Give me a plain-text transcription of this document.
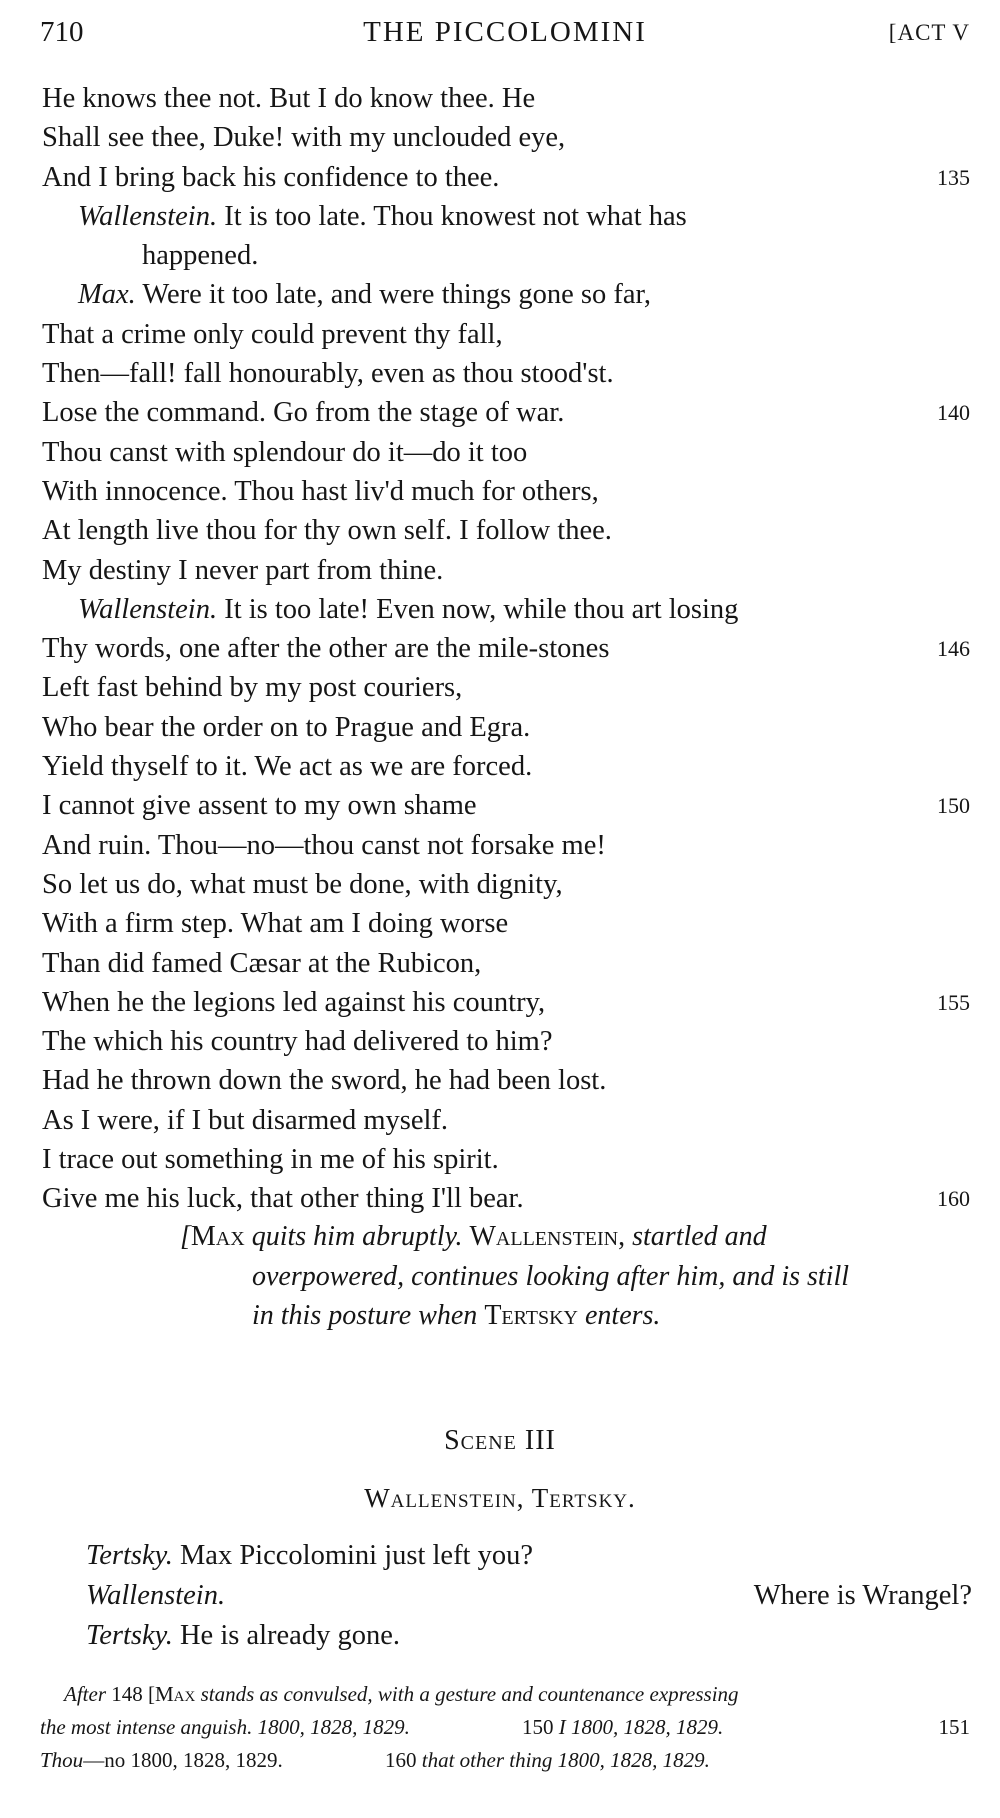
710	THE PICCOLOMINI	[ACT V
He knows thee not. But I do know thee. He
Shall see thee, Duke! with my unclouded eye,
And I bring back his confidence to thee.	135
Wallenstein. It is too late. Thou knowest not what has
happened.
Max. Were it too late, and were things gone so far,
That a crime only could prevent thy fall,
Then—fall! fall honourably, even as thou stood'st.
Lose the command. Go from the stage of war.	140
Thou canst with splendour do it—do it too
With innocence. Thou hast liv'd much for others,
At length live thou for thy own self. I follow thee.
My destiny I never part from thine.
Wallenstein. It is too late! Even now, while thou art losing
Thy words, one after the other are the mile-stones	146
Left fast behind by my post couriers,
Who bear the order on to Prague and Egra.
Yield thyself to it. We act as we are forced.
I cannot give assent to my own shame	150
And ruin. Thou—no—thou canst not forsake me!
So let us do, what must be done, with dignity,
With a firm step. What am I doing worse
Than did famed Cæsar at the Rubicon,
When he the legions led against his country,	155
The which his country had delivered to him?
Had he thrown down the sword, he had been lost.
As I were, if I but disarmed myself.
I trace out something in me of his spirit.
Give me his luck, that other thing I'll bear.	160
[Max quits him abruptly. Wallenstein, startled and
overpowered, continues looking after him, and is still
in this posture when Tertsky enters.
Scene III
Wallenstein, Tertsky.
Tertsky. Max Piccolomini just left you?
Wallenstein.	Where is Wrangel?
Tertsky. He is already gone.
After 148 [Max stands as convulsed, with a gesture and countenance expressing
the most intense anguish. 1800, 1828, 1829.	150 I 1800, 1828, 1829.	151
Thou—no 1800, 1828, 1829.	160 that other thing 1800, 1828, 1829.
